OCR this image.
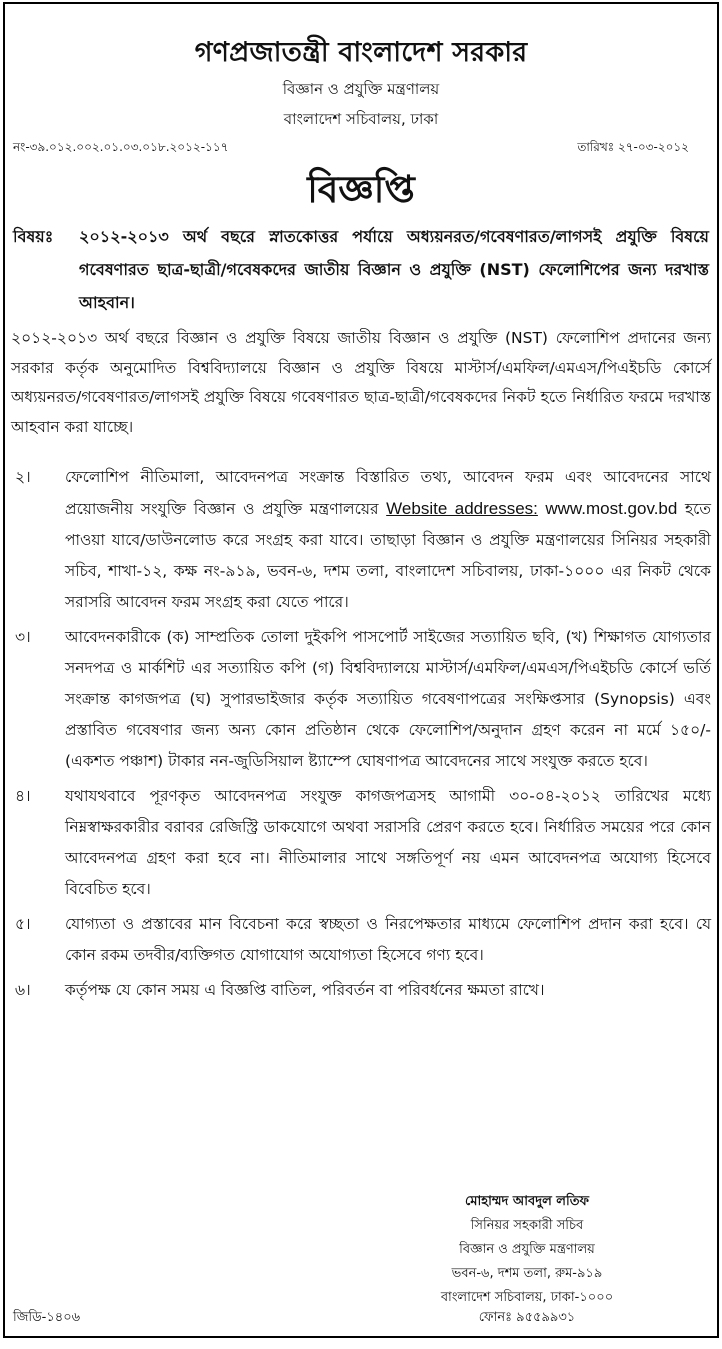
গণপ্রজাতন্ত্রী বাংলাদেশ সরকার
বিজ্ঞান ও প্রযুক্তি মন্ত্রণালয়
বাংলাদেশ সচিবালয়, ঢাকা
নং-৩৯.০১২.০০২.০১.০৩.০১৮.২০১২-১১৭	তারিখঃ ২৭-০৩-২০১২
বিজ্ঞপ্তি
বিষয়ঃ ২০১২-২০১৩ অর্থ বছরে স্নাতকোত্তর পর্যায়ে অধ্যয়নরত/গবেষণারত/লাগসই প্রযুক্তি বিষয়ে গবেষণারত ছাত্র-ছাত্রী/গবেষকদের জাতীয় বিজ্ঞান ও প্রযুক্তি (NST) ফেলোশিপের জন্য দরখাস্ত আহবান।
২০১২-২০১৩ অর্থ বছরে বিজ্ঞান ও প্রযুক্তি বিষয়ে জাতীয় বিজ্ঞান ও প্রযুক্তি (NST) ফেলোশিপ প্রদানের জন্য সরকার কর্তৃক অনুমোদিত বিশ্ববিদ্যালয়ে বিজ্ঞান ও প্রযুক্তি বিষয়ে মাস্টার্স/এমফিল/এমএস/পিএইচডি কোর্সে অধ্যয়নরত/গবেষণারত/লাগসই প্রযুক্তি বিষয়ে গবেষণারত ছাত্র-ছাত্রী/গবেষকদের নিকট হতে নির্ধারিত ফরমে দরখাস্ত আহবান করা যাচ্ছে।
২। ফেলোশিপ নীতিমালা, আবেদনপত্র সংক্রান্ত বিস্তারিত তথ্য, আবেদন ফরম এবং আবেদনের সাথে প্রয়োজনীয় সংযুক্তি বিজ্ঞান ও প্রযুক্তি মন্ত্রণালয়ের Website addresses: www.most.gov.bd হতে পাওয়া যাবে/ডাউনলোড করে সংগ্রহ করা যাবে। তাছাড়া বিজ্ঞান ও প্রযুক্তি মন্ত্রণালয়ের সিনিয়র সহকারী সচিব, শাখা-১২, কক্ষ নং-৯১৯, ভবন-৬, দশম তলা, বাংলাদেশ সচিবালয়, ঢাকা-১০০০ এর নিকট থেকে সরাসরি আবেদন ফরম সংগ্রহ করা যেতে পারে।
৩। আবেদনকারীকে (ক) সাম্প্রতিক তোলা দুইকপি পাসপোর্ট সাইজের সত্যায়িত ছবি, (খ) শিক্ষাগত যোগ্যতার সনদপত্র ও মার্কশিট এর সত্যায়িত কপি (গ) বিশ্ববিদ্যালয়ে মাস্টার্স/এমফিল/এমএস/পিএইচডি কোর্সে ভর্তি সংক্রান্ত কাগজপত্র (ঘ) সুপারভাইজার কর্তৃক সত্যায়িত গবেষণাপত্রের সংক্ষিপ্তসার (Synopsis) এবং প্রস্তাবিত গবেষণার জন্য অন্য কোন প্রতিষ্ঠান থেকে ফেলোশিপ/অনুদান গ্রহণ করেন না মর্মে ১৫০/- (একশত পঞ্চাশ) টাকার নন-জুডিসিয়াল ষ্ট্যাম্পে ঘোষণাপত্র আবেদনের সাথে সংযুক্ত করতে হবে।
৪। যথাযথবাবে পূরণকৃত আবেদনপত্র সংযুক্ত কাগজপত্রসহ আগামী ৩০-০৪-২০১২ তারিখের মধ্যে নিম্নস্বাক্ষরকারীর বরাবর রেজিস্ট্রি ডাকযোগে অথবা সরাসরি প্রেরণ করতে হবে। নির্ধারিত সময়ের পরে কোন আবেদনপত্র গ্রহণ করা হবে না। নীতিমালার সাথে সঙ্গতিপূর্ণ নয় এমন আবেদনপত্র অযোগ্য হিসেবে বিবেচিত হবে।
৫। যোগ্যতা ও প্রস্তাবের মান বিবেচনা করে স্বচ্ছতা ও নিরপেক্ষতার মাধ্যমে ফেলোশিপ প্রদান করা হবে। যে কোন রকম তদবীর/ব্যক্তিগত যোগাযোগ অযোগ্যতা হিসেবে গণ্য হবে।
৬। কর্তৃপক্ষ যে কোন সময় এ বিজ্ঞপ্তি বাতিল, পরিবর্তন বা পরিবর্ধনের ক্ষমতা রাখে।
মোহাম্মদ আবদুল লতিফ
সিনিয়র সহকারী সচিব
বিজ্ঞান ও প্রযুক্তি মন্ত্রণালয়
ভবন-৬, দশম তলা, রুম-৯১৯
বাংলাদেশ সচিবালয়, ঢাকা-১০০০
ফোনঃ ৯৫৫৯৯৩১
জিডি-১৪০৬
